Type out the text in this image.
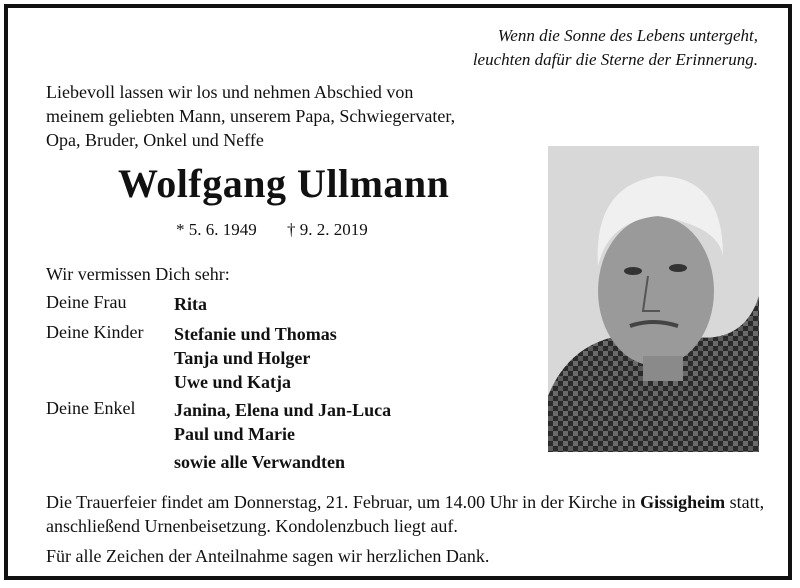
Wenn die Sonne des Lebens untergeht,
leuchten dafür die Sterne der Erinnerung.
Liebevoll lassen wir los und nehmen Abschied von
meinem geliebten Mann, unserem Papa, Schwiegervater,
Opa, Bruder, Onkel und Neffe
Wolfgang Ullmann
* 5. 6. 1949 † 9. 2. 2019
Wir vermissen Dich sehr:
Deine Frau	Rita
Deine Kinder Stefanie und Thomas
Tanja und Holger
Uwe und Katja
Deine Enkel Janina, Elena und Jan-Luca
Paul und Marie
sowie alle Verwandten
Die Trauerfeier findet am Donnerstag, 21. Februar, um 14.00 Uhr in der Kirche in Gissigheim statt, anschließend Urnenbeisetzung. Kondolenzbuch liegt auf.
Für alle Zeichen der Anteilnahme sagen wir herzlichen Dank.
